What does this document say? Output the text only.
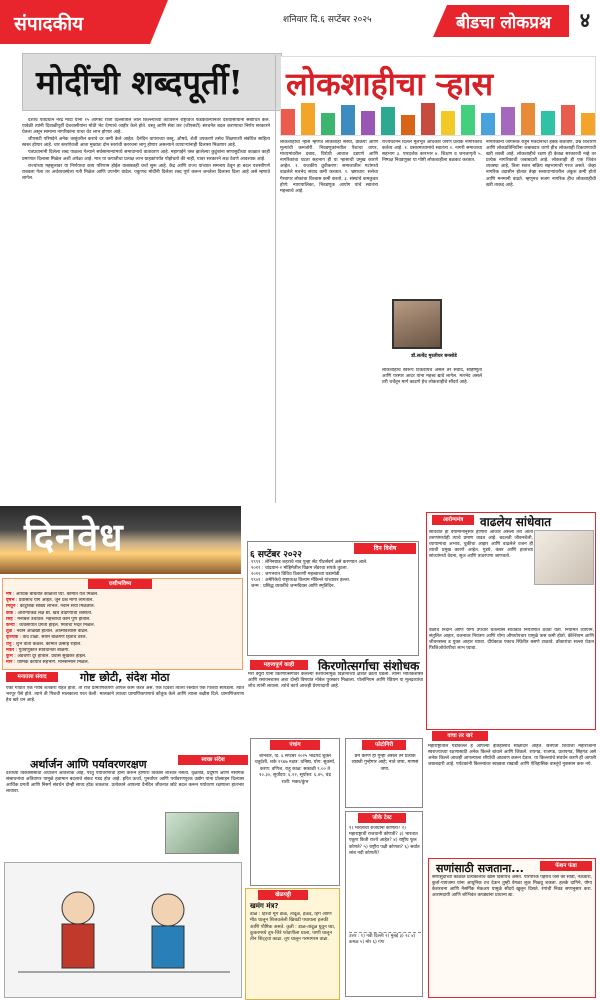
संपादकीय	शनिवार दि.६ सप्टेंबर २०२५	बीडचा लोकप्रश्न	४
मोदींची शब्दपूर्ती!

देशाचे पंतप्रधान नरेंद्र मोदी यांनी १५ ऑगस्ट रोजी दिल्लीतील लाल किल्ल्याच्या तटावरून राष्ट्रध्वज फडकवल्यानंतर देशवासीयांना संबोधित केले. यावेळी त्यांनी दिवाळीपूर्वी देशवासीयांना मोठी भेट देण्याचे जाहीर केले होते. वस्तू आणि सेवा कर (जीएसटी) संरचनेत बदल करण्याचा निर्णय सरकारने घेतला असून सामान्य नागरिकांना याचा थेट लाभ होणार आहे.

जीएसटी परिषदेने अनेक वस्तूंवरील कराचे दर कमी केले आहेत. दैनंदिन वापराच्या वस्तू, औषधे, शेती उपकरणे तसेच शिक्षणाशी संबंधित साहित्य स्वस्त होणार आहे. चार स्तरांऐवजी आता मुख्यतः दोन स्तरांची कररचना लागू होणार असल्याने व्यापाऱ्यांनाही दिलासा मिळणार आहे.

पंतप्रधानांनी दिलेला शब्द पाळला गेल्याने सर्वसामान्यांमध्ये समाधानाचे वातावरण आहे. महागाईने त्रस्त झालेल्या कुटुंबांना सणासुदीच्या काळात काही प्रमाणात दिलासा मिळेल अशी अपेक्षा आहे. मात्र या कपातीचा प्रत्यक्ष लाभ ग्राहकांपर्यंत पोहोचतो की नाही, यावर सरकारने लक्ष ठेवणे आवश्यक आहे.

राज्यांच्या महसुलावर या निर्णयाचा काय परिणाम होईल याबाबतही चर्चा सुरू आहे. केंद्र आणि राज्य यांच्यात समन्वय ठेवून हा बदल यशस्वीपणे राबवला गेला तर अर्थव्यवस्थेला गती मिळेल आणि उपभोग वाढेल. एकूणच मोदींनी दिलेला शब्द पूर्ण करून जनतेला दिलासा दिला आहे असे म्हणावे लागेल.

लोकशाहीचा ऱ्हास
लोकशाहीचा ऱ्हास म्हणजे लोकशाही संस्था, प्रक्रिया आणि मूल्यांची कमजोरी. निवडणुकांमधील पैशाचा वापर, माध्यमांवरील दबाव, विरोधी आवाज दडपणे आणि नागरिकांचा घटता सहभाग ही या ऱ्हासाची प्रमुख कारणे आहेत. १. राजकीय ध्रुवीकरण: समाजातील गटांमध्ये वाढलेले मतभेद संवाद कमी करतात. २. भ्रष्टाचार: सत्तेचा गैरवापर लोकांचा विश्वास कमी करतो. ३. संस्थांचे कमकुवत होणे: न्यायपालिका, निवडणूक आयोग यांचे स्वातंत्र्य महत्त्वाचे आहे.
राज्यघटनेने दिलेले मूलभूत अधिकार जपणे प्रत्येक नागरिकाचे कर्तव्य आहे. १. प्रसारमाध्यमांचे स्वातंत्र्य २. नागरी समाजाचा सहभाग ३. पारदर्शक कारभार ४. शिक्षण व जनजागृती ५. निष्पक्ष निवडणुका या गोष्टी लोकशाहीला बळकट करतात.
डॉ.सत्येंद्र मुरलीधर बनसोडे
लोकशाहीचे स्वरूप टिकवायचे असेल तर संवाद, सहिष्णुता आणि परस्पर आदर यांना महत्त्व द्यावे लागेल. मतभेद असले तरी चर्चेतून मार्ग काढणे हेच लोकशाहीचे सौंदर्य आहे.
नागरिकांनी जागरूक राहून मतदानाचा हक्क बजावणे, प्रश्न विचारणे आणि लोकप्रतिनिधींना जबाबदार धरणे हीच लोकशाही टिकवण्याची खरी शक्ती आहे. लोकशाहीचे रक्षण ही केवळ सरकारची नव्हे तर प्रत्येक नागरिकाची जबाबदारी आहे. लोकशाही ही एक जिवंत व्यवस्था आहे, तिला सतत सक्रिय सहभागाची गरज असते. जेव्हा नागरिक उदासीन होतात तेव्हा सत्ताधाऱ्यांवरील अंकुश कमी होतो आणि मनमानी वाढते. म्हणूनच सजग नागरिक हीच लोकशाहीची खरी ताकद आहे.
दिनवेध
राशीभविष्य
मेष : आर्थिक बाबतीत काळजी घ्या. कामात यश मिळेल.
वृषभ : प्रवासाचे योग आहेत. जुने प्रश्न मार्गी लागतील.
मिथुन : कौटुंबिक सौख्य लाभेल. नवीन संधी मिळतील.
कर्क : आरोग्याकडे लक्ष द्या. खर्च वाढण्याची शक्यता.
सिंह : मनोबल उंचावेल. महत्त्वाची कामे पूर्ण होतील.
कन्या : व्यवसायात प्रगती होईल. मित्रांची मदत मिळेल.
तूळ : नवीन ओळखी होतील. आत्मविश्वास वाढेल.
वृश्चिक : वाद टाळा. संयम बाळगणे हिताचे ठरेल.
धनु : शुभ वार्ता कळेल. कामात उत्साह राहील.
मकर : गुंतवणुकीत सावधानता बाळगा.
कुंभ : अडचणी दूर होतील. प्रवास सुखकर होईल.
मीन : धार्मिक कार्यात सहभाग. मानसन्मान मिळेल.
६ सप्टेंबर २०२२
दिन विशेष
१९९१ : लेनिनग्राड शहराचे नाव पुन्हा सेंट पीटर्सबर्ग असे करण्यात आले.
२०१९ : चांद्रयान-२ मोहिमेतील विक्रम लँडरचा संपर्क तुटला.
२०१२ : जगभरात विविध ठिकाणी महत्त्वाच्या घडामोडी.
१९०१ : अमेरिकेचे राष्ट्राध्यक्ष विल्यम मॅकिन्ले यांच्यावर हल्ला.
जन्म : प्रसिद्ध व्यक्तींचे जन्मदिवस आणि स्मृतिदिन.
महत्त्वपूर्ण काही	किरणोत्सर्गाचा संशोधक
मेरी क्युरी यांनी किरणोत्सर्गावर केलेल्या संशोधनामुळे विज्ञानाच्या क्षेत्रात क्रांती घडली. त्यांना भौतिकशास्त्र आणि रसायनशास्त्र अशा दोन्ही विषयांत नोबेल पुरस्कार मिळाला. पोलोनियम आणि रेडियम या मूलद्रव्यांचा शोध त्यांनी लावला. त्यांचे कार्य आजही प्रेरणादायी आहे.
आरोग्यमंत्र	वाढलेय सांधेवात
सांधेवात हा वयोमानानुसार होणारा आजार असला तरी आता तरुणांमध्येही त्याचे प्रमाण वाढत आहे. बदलती जीवनशैली, व्यायामाचा अभाव, चुकीचा आहार आणि वाढलेले वजन ही त्याची प्रमुख कारणे आहेत. गुडघे, कंबर आणि हातांच्या सांध्यांमध्ये वेदना, सूज आणि ताठरपणा जाणवतो.
वेळीच निदान आणि योग्य उपचार घेतल्यास सांधेवात नियंत्रणात ठेवता येतो. नियमित व्यायाम, संतुलित आहार, वजनावर नियंत्रण आणि योग्य औषधोपचार यामुळे त्रास कमी होतो. कॅल्शियम आणि जीवनसत्त्व ड युक्त आहार घ्यावा. दीर्घकाळ एकाच स्थितीत बसणे टाळावे. डॉक्टरांचा सल्ला घेऊन फिजिओथेरपीचा लाभ घ्यावा.
मनातला संवाद	गोष्ट छोटी, संदेश मोठा
एका गावात एक गरीब शेतकरी राहत होता. तो रोज प्रामाणिकपणे आपले काम करत असे. एके दिवशी त्याला रस्त्यात एक पिशवी सापडली. त्यात भरपूर पैसे होते. त्याने ती पिशवी मालकाला परत केली. मालकाने त्याच्या प्रामाणिकपणाचे कौतुक केले आणि त्याला बक्षीस दिले. प्रामाणिकपणा हेच खरे धन आहे.
पंचांग
शनिवार, दि. ६ सप्टेंबर २०२५ भाद्रपद शुक्ल चतुर्दशी, शके १९४७ नक्षत्र: धनिष्ठा, योग: सुकर्मा, करण: वणिज, राहू काळ: सकाळी ९.०० ते १०.३०, सूर्योदय: ६.२२, सूर्यास्त: ६.४५, चंद्र राशी: मकर/कुंभ
फोटोगिरी
प्रेम करणे हा गुन्हा असेल तर प्रत्येक व्यक्ती गुन्हेगार आहे; नाते जपा, माणसं जपा.
वाचा तर खरं
महाराष्ट्रातील गडकिल्ले हे आपल्या इतिहासाचे साक्षीदार आहेत. छत्रपती शिवाजी महाराजांनी स्वराज्याच्या रक्षणासाठी अनेक किल्ले बांधले आणि जिंकले. रायगड, राजगड, प्रतापगड, सिंहगड असे अनेक किल्ले आजही आपल्याला शौर्याची आठवण करून देतात. या किल्ल्यांचे संवर्धन करणे ही आपली जबाबदारी आहे. पर्यटकांनी किल्ल्यांवर स्वच्छता राखावी आणि ऐतिहासिक वास्तूंचे नुकसान करू नये.
अर्थार्जन आणि पर्यावरणरक्षण	स्वच्छ संदेश
देशाच्या विकासासाठी अर्थार्जन आवश्यक आहे, परंतु पर्यावरणाची हानी करून होणारा विकास शाश्वत नसतो. वृक्षतोड, प्रदूषण आणि नैसर्गिक संसाधनांचा अतिवापर यामुळे हवामान बदलाचे संकट गडद होत आहे. हरित ऊर्जा, पुनर्वापर आणि पर्यावरणपूरक उद्योग यांना प्रोत्साहन दिल्यास आर्थिक प्रगती आणि निसर्ग संवर्धन दोन्ही साध्य होऊ शकतात. प्रत्येकाने आपल्या दैनंदिन जीवनात छोटे बदल करून पर्यावरण रक्षणाला हातभार लावावा.
खेळपट्टी
खमंग मंत्र?
डाळ : हिरवी मूग डाळ, तांदूळ, हळद, हिंग आणि मीठ घालून शिजवलेली खिचडी पचायला हलकी आणि पौष्टिक असते. कृती : डाळ-तांदूळ धुवून घ्या, कुकरमध्ये तूप-जिरे फोडणीला घाला, पाणी घालून तीन शिट्ट्या काढा. तूप घालून गरमागरम वाढा.
जीके टेस्ट
१) भारताची राजधानी कोणती? २) महाराष्ट्राची राजधानी कोणती? ३) भारतात एकूण किती राज्ये आहेत? ४) राष्ट्रीय फूल कोणते? ५) राष्ट्रीय पक्षी कोणता? ६) सर्वात लांब नदी कोणती?
उत्तर : १) नवी दिल्ली २) मुंबई ३) २८ ४) कमळ ५) मोर ६) गंगा
सणांसाठी सजताना...	फॅशन फंडा
सणासुदीच्या काळात प्रत्येकालाच खास दिसायचे असते. पारंपरिक पेहराव जसे की साडी, नऊवारी, कुर्ता-पायजमा यांना आधुनिक टच देऊन तुम्ही वेगळा लूक मिळवू शकता. हलके दागिने, योग्य केशरचना आणि नैसर्गिक मेकअप यामुळे सौंदर्य खुलून दिसते. रंगांची निवड सणानुसार करा. आरामदायी आणि शोभिवंत कपड्यांना प्राधान्य द्या.
